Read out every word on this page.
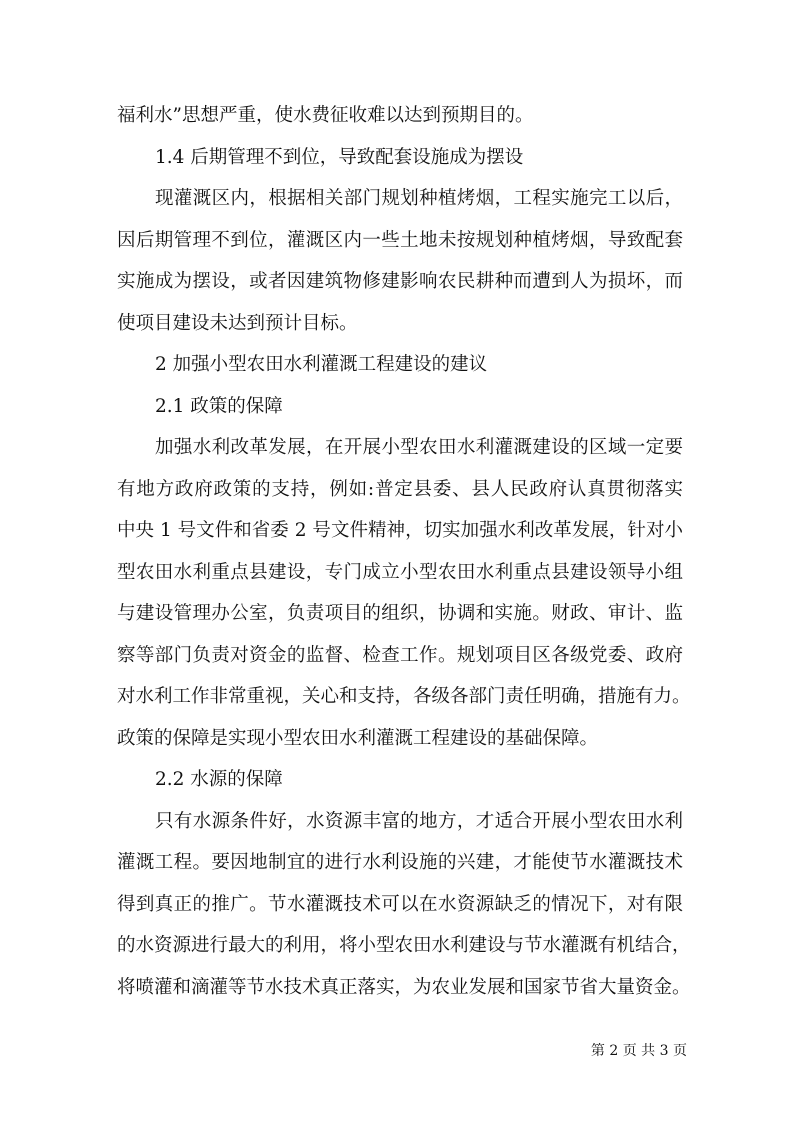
福利水”思想严重，使水费征收难以达到预期目的。
1.4 后期管理不到位，导致配套设施成为摆设
现灌溉区内，根据相关部门规划种植烤烟，工程实施完工以后，
因后期管理不到位，灌溉区内一些土地未按规划种植烤烟，导致配套
实施成为摆设，或者因建筑物修建影响农民耕种而遭到人为损坏，而
使项目建设未达到预计目标。
2 加强小型农田水利灌溉工程建设的建议
2.1 政策的保障
加强水利改革发展，在开展小型农田水利灌溉建设的区域一定要
有地方政府政策的支持，例如:普定县委、县人民政府认真贯彻落实
中央 1 号文件和省委 2 号文件精神，切实加强水利改革发展，针对小
型农田水利重点县建设，专门成立小型农田水利重点县建设领导小组
与建设管理办公室，负责项目的组织，协调和实施。财政、审计、监
察等部门负责对资金的监督、检查工作。规划项目区各级党委、政府
对水利工作非常重视，关心和支持，各级各部门责任明确，措施有力。
政策的保障是实现小型农田水利灌溉工程建设的基础保障。
2.2 水源的保障
只有水源条件好，水资源丰富的地方，才适合开展小型农田水利
灌溉工程。要因地制宜的进行水利设施的兴建，才能使节水灌溉技术
得到真正的推广。节水灌溉技术可以在水资源缺乏的情况下，对有限
的水资源进行最大的利用，将小型农田水利建设与节水灌溉有机结合，
将喷灌和滴灌等节水技术真正落实，为农业发展和国家节省大量资金。
第 2 页 共 3 页
